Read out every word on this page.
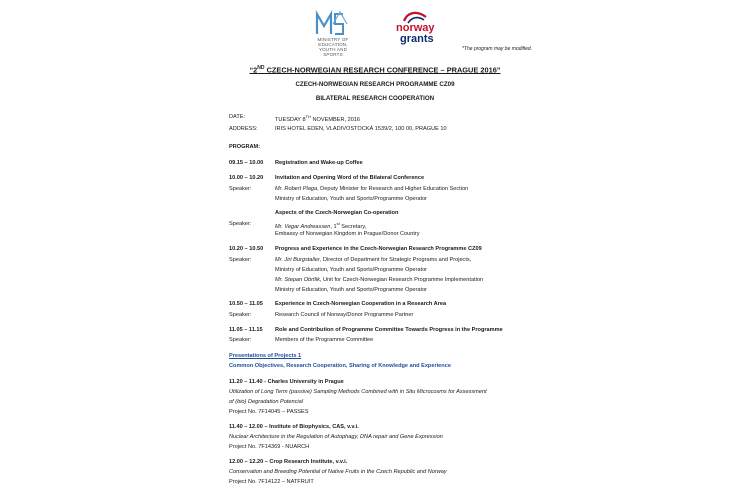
MINISTRY OF EDUCATION,
YOUTH AND SPORTS
norway
grants
*The program may be modified.
“2ND CZECH-NORWEGIAN RESEARCH CONFERENCE – PRAGUE 2016”
CZECH-NORWEGIAN RESEARCH PROGRAMME CZ09
BILATERAL RESEARCH COOPERATION
DATE:	TUESDAY 8TH NOVEMBER, 2016
ADDRESS:	IRIS HOTEL EDEN, VLADIVOSTOCKÁ 1539/2, 100 00, PRAGUE 10
PROGRAM:
09.15 – 10.00 Registration and Wake-up Coffee
10.00 – 10.20 Invitation and Opening Word of the Bilateral Conference
Speaker:	Mr. Robert Plaga, Deputy Minister for Research and Higher Education Section
Ministry of Education, Youth and Sports/Programme Operator
Aspects of the Czech-Norwegian Co-operation
Speaker:	Mr. Vegar Andreassen, 1st Secretary,
Embassy of Norwegian Kingdom in Prague/Donor Country
10.20 – 10.50 Progress and Experience in the Czech-Norwegian Research Programme CZ09
Speaker:	Mr. Jiri Burgstaller, Director of Department for Strategic Programs and Projects,
Ministry of Education, Youth and Sports/Programme Operator
Mr. Stepan Obrtlik, Unit for Czech-Norwegian Research Programme Implementation
Ministry of Education, Youth and Sports/Programme Operator
10.50 – 11.05 Experience in Czech-Norwegian Cooperation in a Research Area
Speaker:	Research Council of Norway/Donor Programme Partner
11.05 – 11.15 Role and Contribution of Programme Committee Towards Progress in the Programme
Speaker:	Members of the Programme Committee
Presentations of Projects 1
Common Objectives, Research Cooperation, Sharing of Knowledge and Experience
11.20 – 11.40 - Charles University in Prague
Utilization of Long Term (passive) Sampling Methods Combined with in Situ Microcosms for Assessment
of (bio) Degradation Potencial
Project No. 7F14045 – PASSES
11.40 – 12.00 – Institute of Biophysics, CAS, v.v.i.
Nuclear Architecture in the Regulation of Autophagy, DNA repair and Gene Expression
Project No. 7F14369 - NUARCH
12.00 – 12.20 – Crop Research Institute, v.v.i.
Conservation and Breeding Potential of Native Fruits in the Czech Republic and Norway
Project No. 7F14122 – NATFRUIT
